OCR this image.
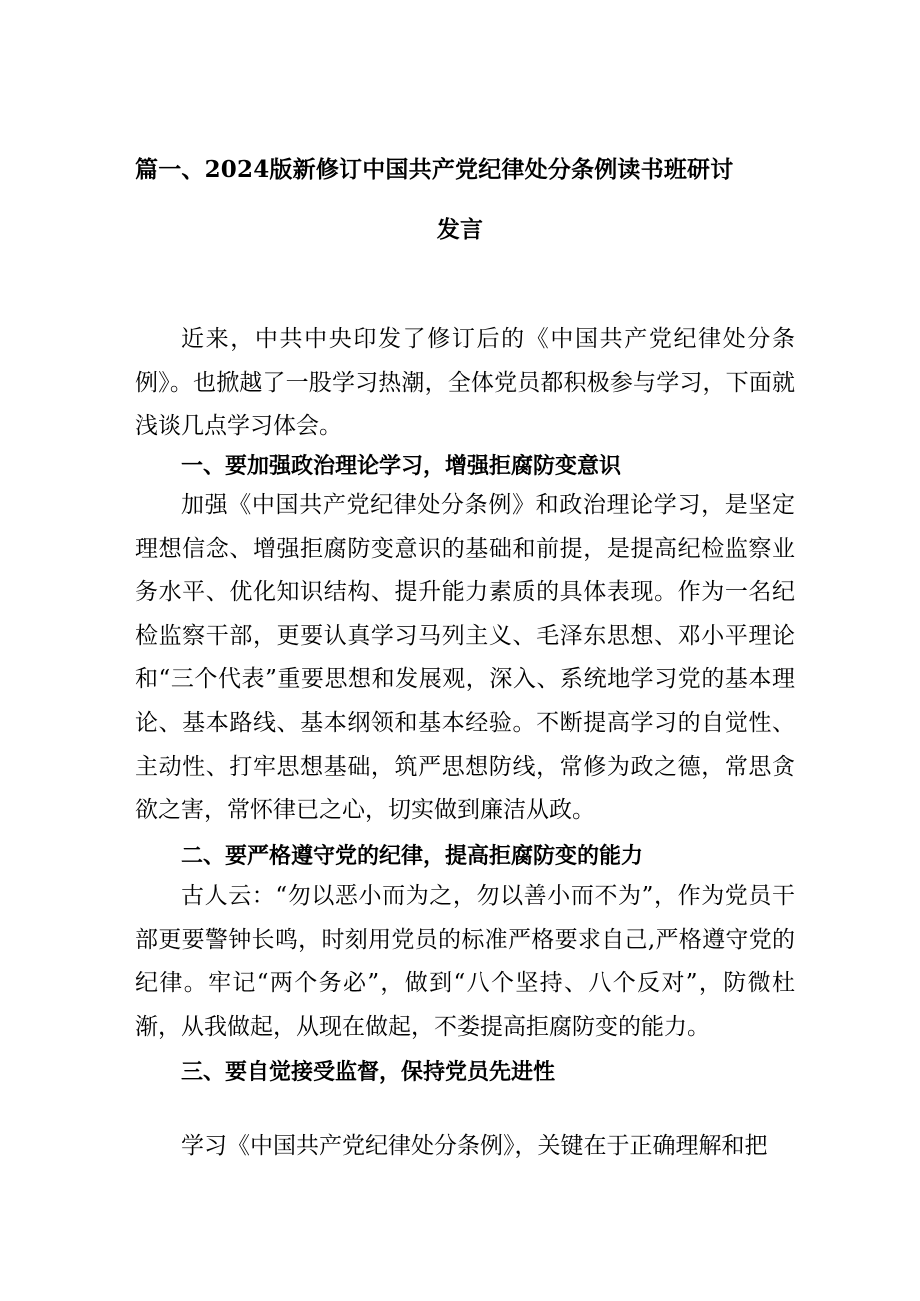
篇一、2024版新修订中国共产党纪律处分条例读书班研讨
发言

近来，中共中央印发了修订后的《中国共产党纪律处分条例》。也掀越了一股学习热潮，全体党员都积极参与学习，下面就浅谈几点学习体会。

一、要加强政治理论学习，增强拒腐防变意识

加强《中国共产党纪律处分条例》和政治理论学习，是坚定理想信念、增强拒腐防变意识的基础和前提，是提高纪检监察业务水平、优化知识结构、提升能力素质的具体表现。作为一名纪检监察干部，更要认真学习马列主义、毛泽东思想、邓小平理论和“三个代表”重要思想和发展观，深入、系统地学习党的基本理论、基本路线、基本纲领和基本经验。不断提高学习的自觉性、主动性、打牢思想基础，筑严思想防线，常修为政之德，常思贪欲之害，常怀律已之心，切实做到廉洁从政。

二、要严格遵守党的纪律，提高拒腐防变的能力

古人云：“勿以恶小而为之，勿以善小而不为”，作为党员干部更要警钟长鸣，时刻用党员的标准严格要求自己,严格遵守党的纪律。牢记“两个务必”，做到“八个坚持、八个反对”，防微杜渐，从我做起，从现在做起，不娄提高拒腐防变的能力。

三、要自觉接受监督，保持党员先进性

学习《中国共产党纪律处分条例》，关键在于正确理解和把
